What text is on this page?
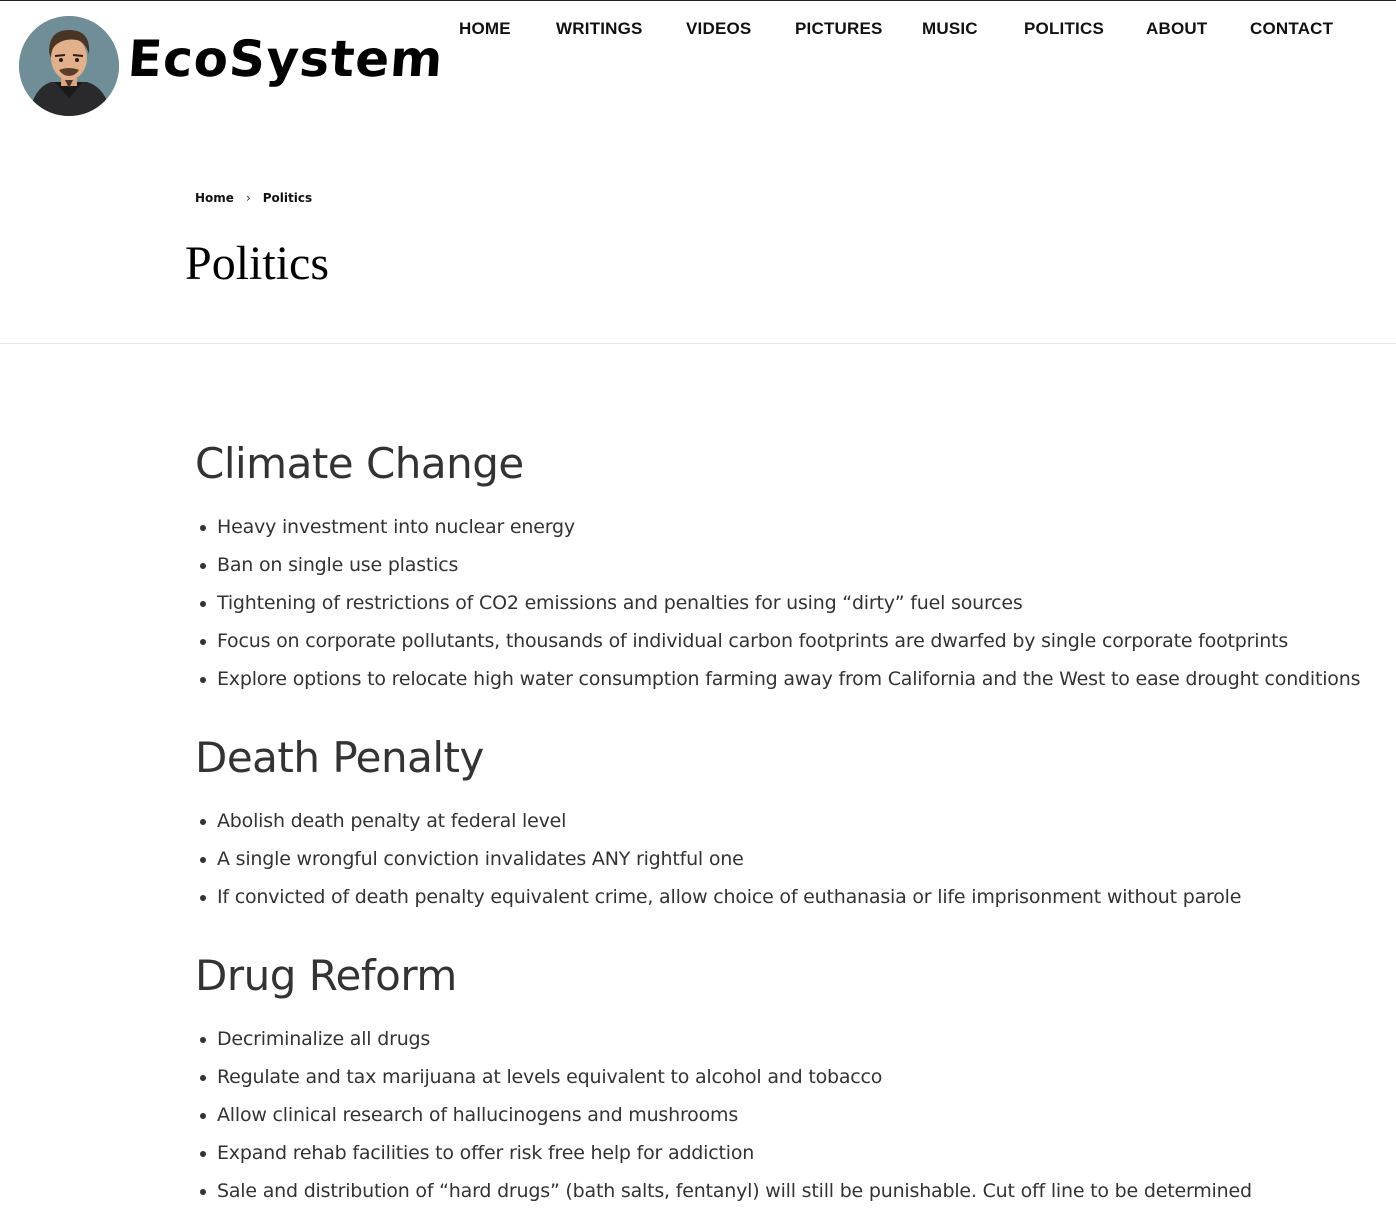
EcoSystem
HOME	WRITINGS	VIDEOS	PICTURES MUSIC	POLITICS ABOUT	CONTACT
Home › Politics
Politics
Climate Change
Heavy investment into nuclear energy
Ban on single use plastics
Tightening of restrictions of CO2 emissions and penalties for using “dirty” fuel sources
Focus on corporate pollutants, thousands of individual carbon footprints are dwarfed by single corporate footprints
Explore options to relocate high water consumption farming away from California and the West to ease drought conditions
Death Penalty
Abolish death penalty at federal level
A single wrongful conviction invalidates ANY rightful one
If convicted of death penalty equivalent crime, allow choice of euthanasia or life imprisonment without parole
Drug Reform
Decriminalize all drugs
Regulate and tax marijuana at levels equivalent to alcohol and tobacco
Allow clinical research of hallucinogens and mushrooms
Expand rehab facilities to offer risk free help for addiction
Sale and distribution of “hard drugs” (bath salts, fentanyl) will still be punishable. Cut off line to be determined
